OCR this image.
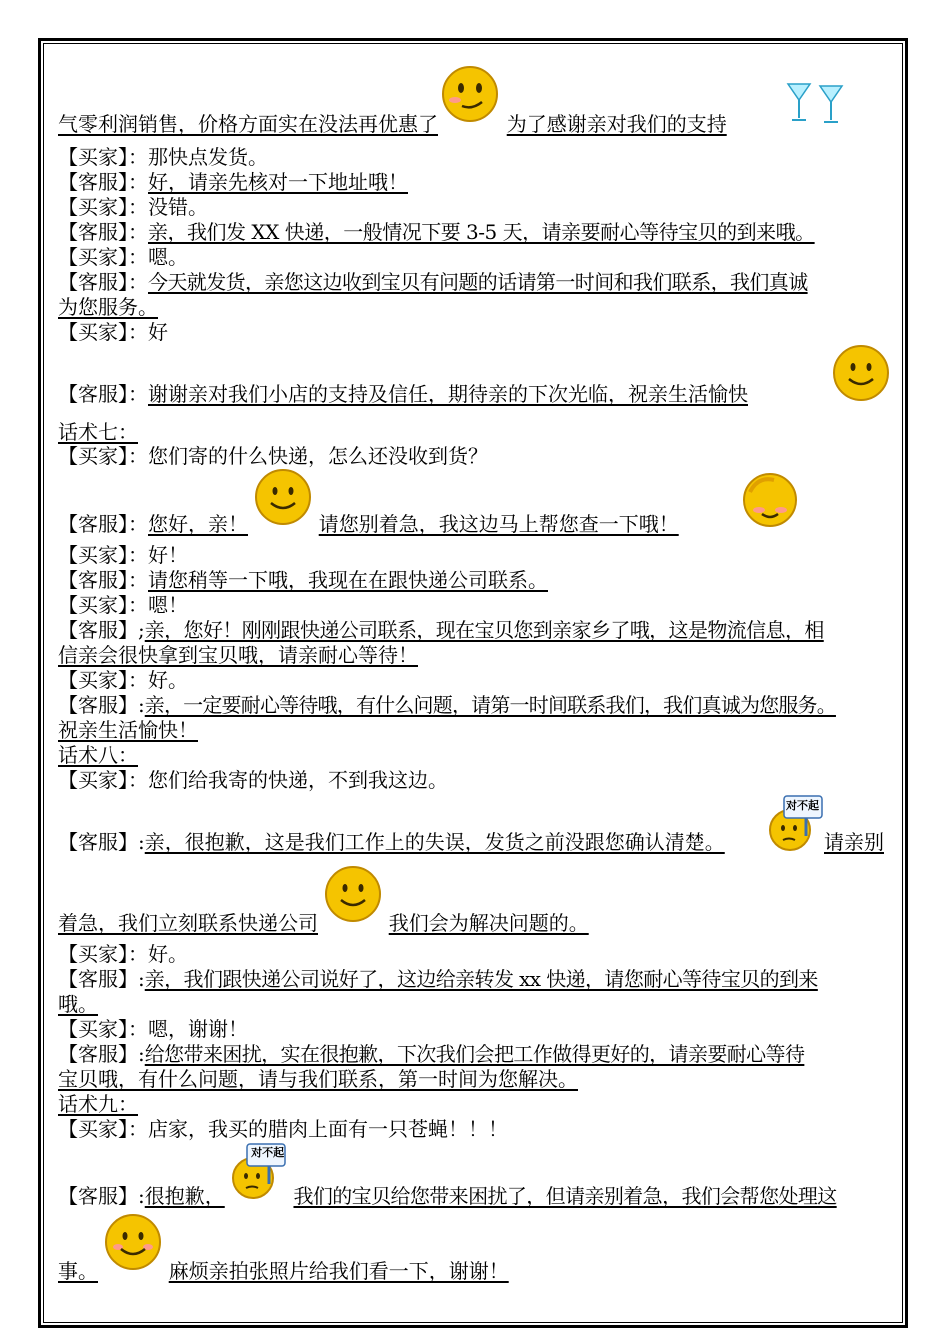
气零利润销售，价格方面实在没法再优惠了	为了感谢亲对我们的支持
【买家】：那快点发货。
【客服】：好，请亲先核对一下地址哦！
【买家】：没错。
【客服】：亲，我们发 XX 快递，一般情况下要 3-5 天，请亲要耐心等待宝贝的到来哦。
【买家】：嗯。
【客服】：今天就发货，亲您这边收到宝贝有问题的话请第一时间和我们联系，我们真诚
为您服务。
【买家】：好
【客服】：谢谢亲对我们小店的支持及信任，期待亲的下次光临，祝亲生活愉快
话术七：
【买家】：您们寄的什么快递，怎么还没收到货？
【客服】：您好，亲！	请您别着急，我这边马上帮您查一下哦！
【买家】：好！
【客服】：请您稍等一下哦，我现在在跟快递公司联系。
【买家】：嗯！
【客服】;亲，您好！刚刚跟快递公司联系，现在宝贝您到亲家乡了哦，这是物流信息，相
信亲会很快拿到宝贝哦，请亲耐心等待！
【买家】：好。
【客服】:亲，一定要耐心等待哦，有什么问题，请第一时间联系我们，我们真诚为您服务。
祝亲生活愉快！
话术八：
【买家】：您们给我寄的快递，不到我这边。
【客服】:亲，很抱歉，这是我们工作上的失误，发货之前没跟您确认清楚。	请亲别
对不起
着急，我们立刻联系快递公司	我们会为解决问题的。
【买家】：好。
【客服】:亲，我们跟快递公司说好了，这边给亲转发 xx 快递，请您耐心等待宝贝的到来
哦。
【买家】：嗯，谢谢！
【客服】:给您带来困扰，实在很抱歉，下次我们会把工作做得更好的，请亲要耐心等待
宝贝哦，有什么问题，请与我们联系，第一时间为您解决。
话术九：
【买家】：店家，我买的腊肉上面有一只苍蝇！！！
【客服】:很抱歉，
对不起
我们的宝贝给您带来困扰了，但请亲别着急，我们会帮您处理这
事。	麻烦亲拍张照片给我们看一下，谢谢！
